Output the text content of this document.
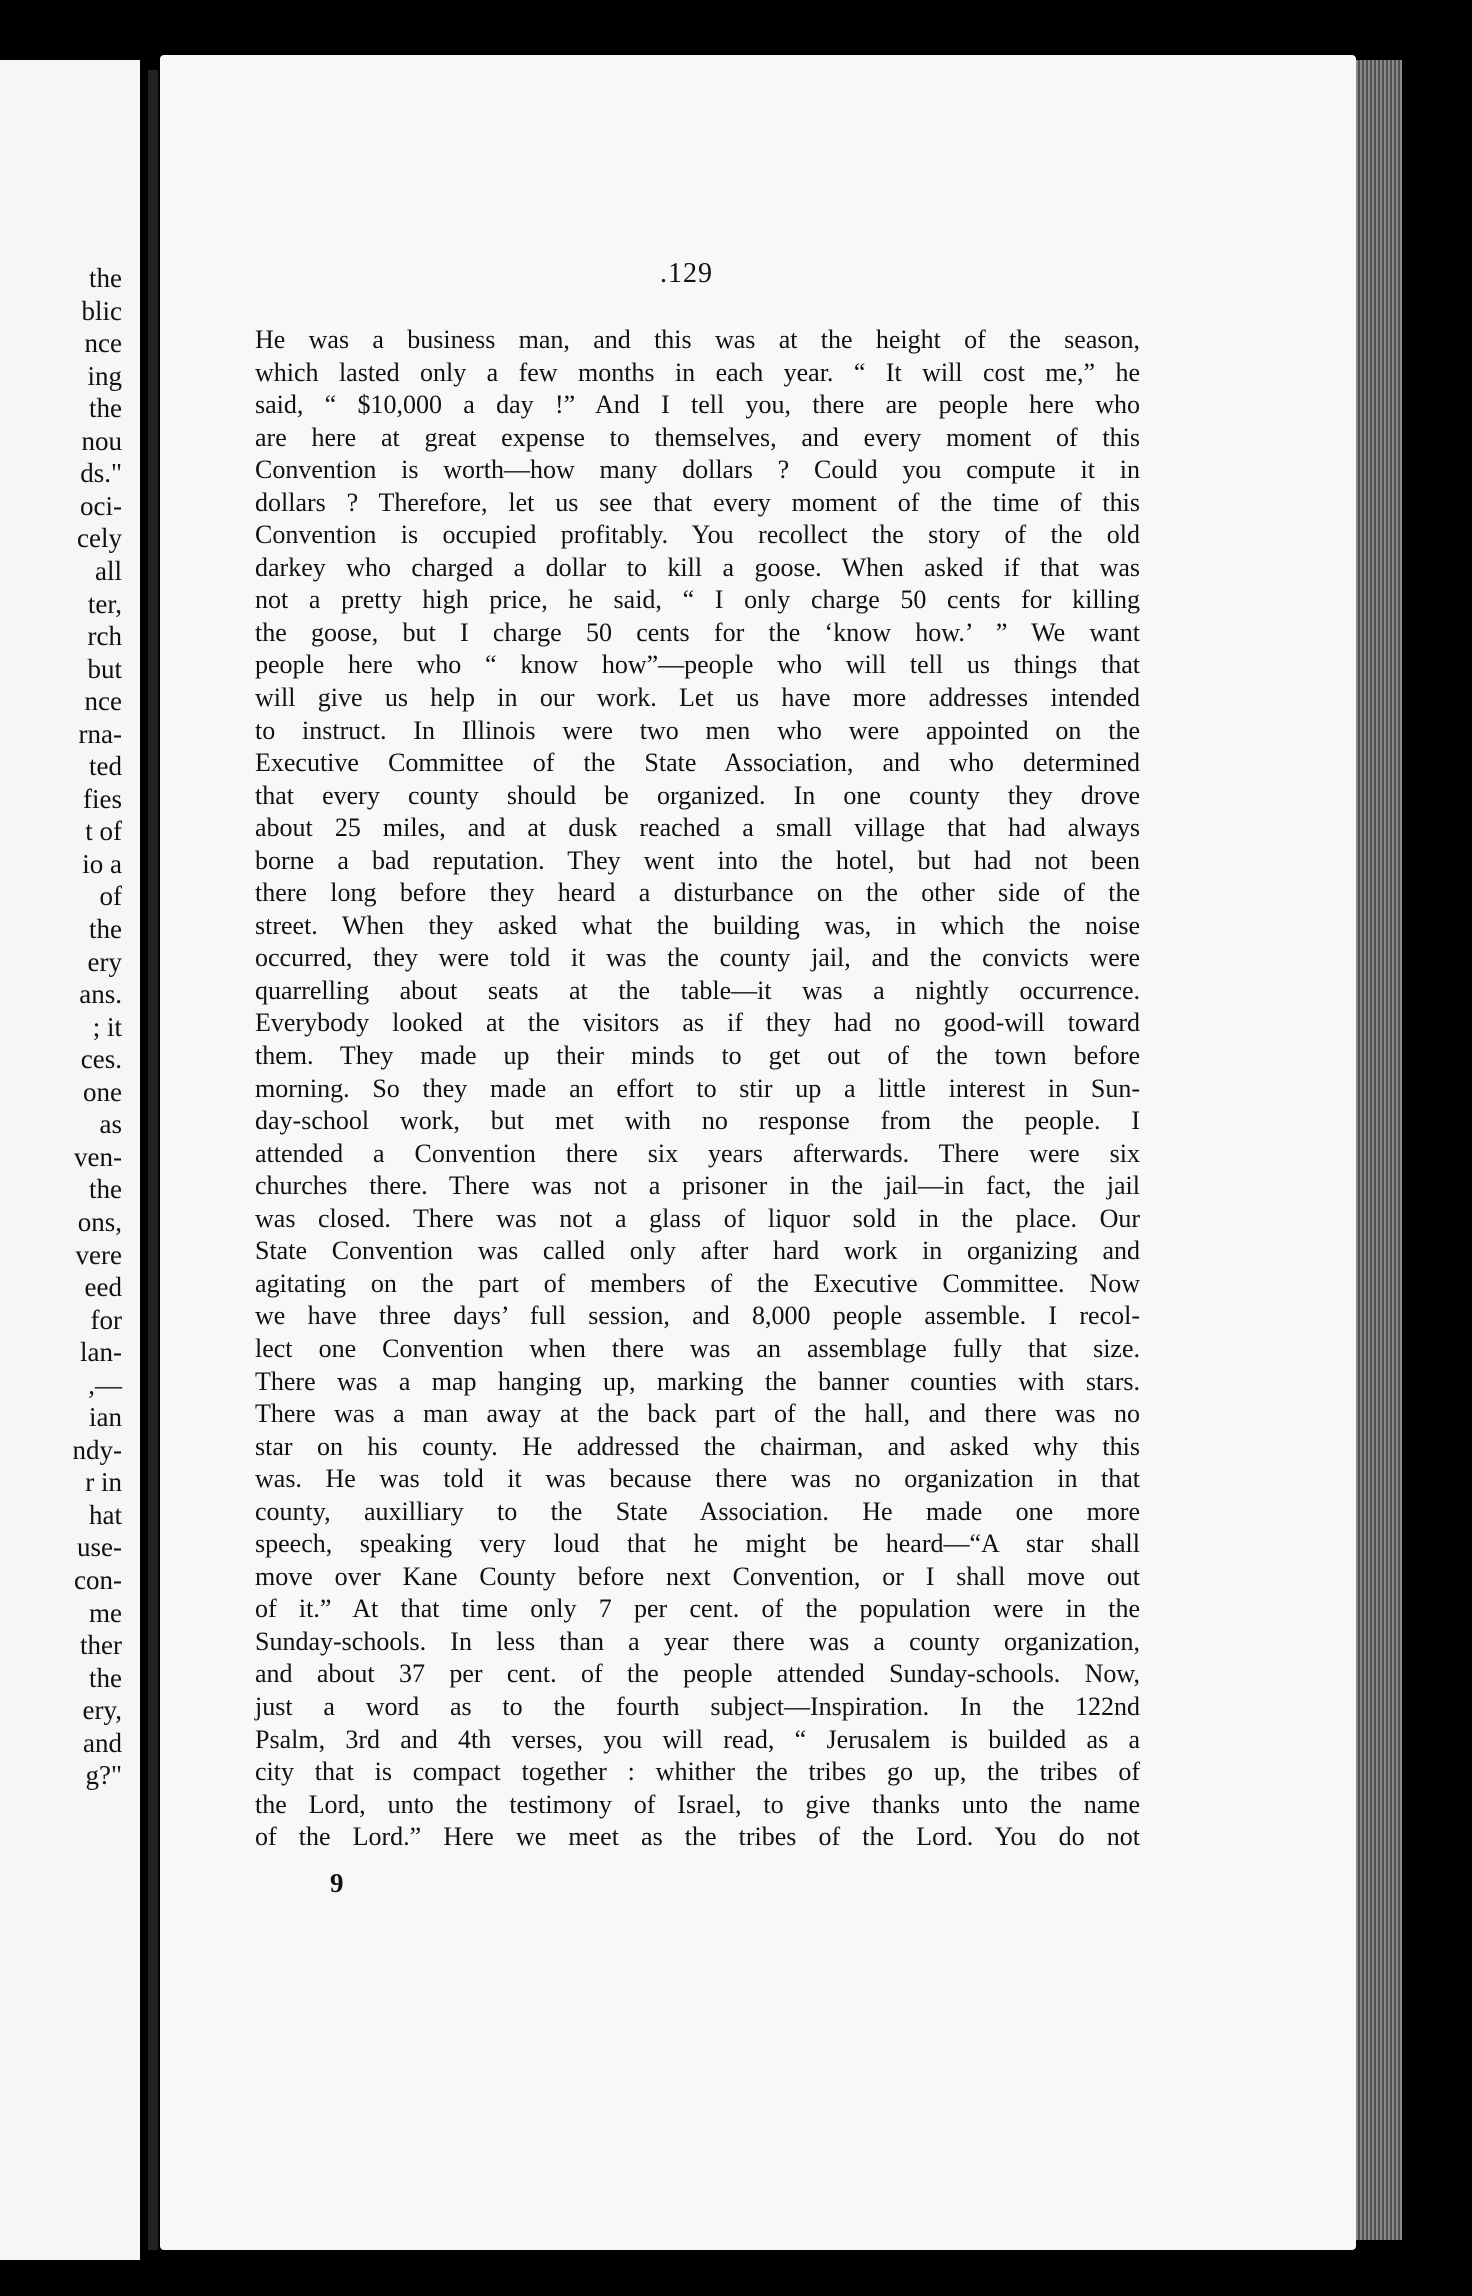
the
blic
nce
ing
the
nou
ds."
oci-
cely
all
ter,
rch
but
nce
rna-
ted
fies
t of
io a
of
the
ery
ans.
; it
ces.
one
as
ven-
the
ons,
vere
eed
for
lan-
,—
ian
ndy-
r in
hat
use-
con-
me
ther
the
ery,
and
g?"
.129
He was a business man, and this was at the height of the season,
which lasted only a few months in each year. “ It will cost me,” he
said, “ $10,000 a day !” And I tell you, there are people here who
are here at great expense to themselves, and every moment of this
Convention is worth—how many dollars ? Could you compute it in
dollars ? Therefore, let us see that every moment of the time of this
Convention is occupied profitably. You recollect the story of the old
darkey who charged a dollar to kill a goose. When asked if that was
not a pretty high price, he said, “ I only charge 50 cents for killing
the goose, but I charge 50 cents for the ‘know how.’ ” We want
people here who “ know how”—people who will tell us things that
will give us help in our work. Let us have more addresses intended
to instruct. In Illinois were two men who were appointed on the
Executive Committee of the State Association, and who determined
that every county should be organized. In one county they drove
about 25 miles, and at dusk reached a small village that had always
borne a bad reputation. They went into the hotel, but had not been
there long before they heard a disturbance on the other side of the
street. When they asked what the building was, in which the noise
occurred, they were told it was the county jail, and the convicts were
quarrelling about seats at the table—it was a nightly occurrence.
Everybody looked at the visitors as if they had no good-will toward
them. They made up their minds to get out of the town before
morning. So they made an effort to stir up a little interest in Sun-
day-school work, but met with no response from the people. I
attended a Convention there six years afterwards. There were six
churches there. There was not a prisoner in the jail—in fact, the jail
was closed. There was not a glass of liquor sold in the place. Our
State Convention was called only after hard work in organizing and
agitating on the part of members of the Executive Committee. Now
we have three days’ full session, and 8,000 people assemble. I recol-
lect one Convention when there was an assemblage fully that size.
There was a map hanging up, marking the banner counties with stars.
There was a man away at the back part of the hall, and there was no
star on his county. He addressed the chairman, and asked why this
was. He was told it was because there was no organization in that
county, auxilliary to the State Association. He made one more
speech, speaking very loud that he might be heard—“A star shall
move over Kane County before next Convention, or I shall move out
of it.” At that time only 7 per cent. of the population were in the
Sunday-schools. In less than a year there was a county organization,
and about 37 per cent. of the people attended Sunday-schools. Now,
just a word as to the fourth subject—Inspiration. In the 122nd
Psalm, 3rd and 4th verses, you will read, “ Jerusalem is builded as a
city that is compact together : whither the tribes go up, the tribes of
the Lord, unto the testimony of Israel, to give thanks unto the name
of the Lord.” Here we meet as the tribes of the Lord. You do not
9
